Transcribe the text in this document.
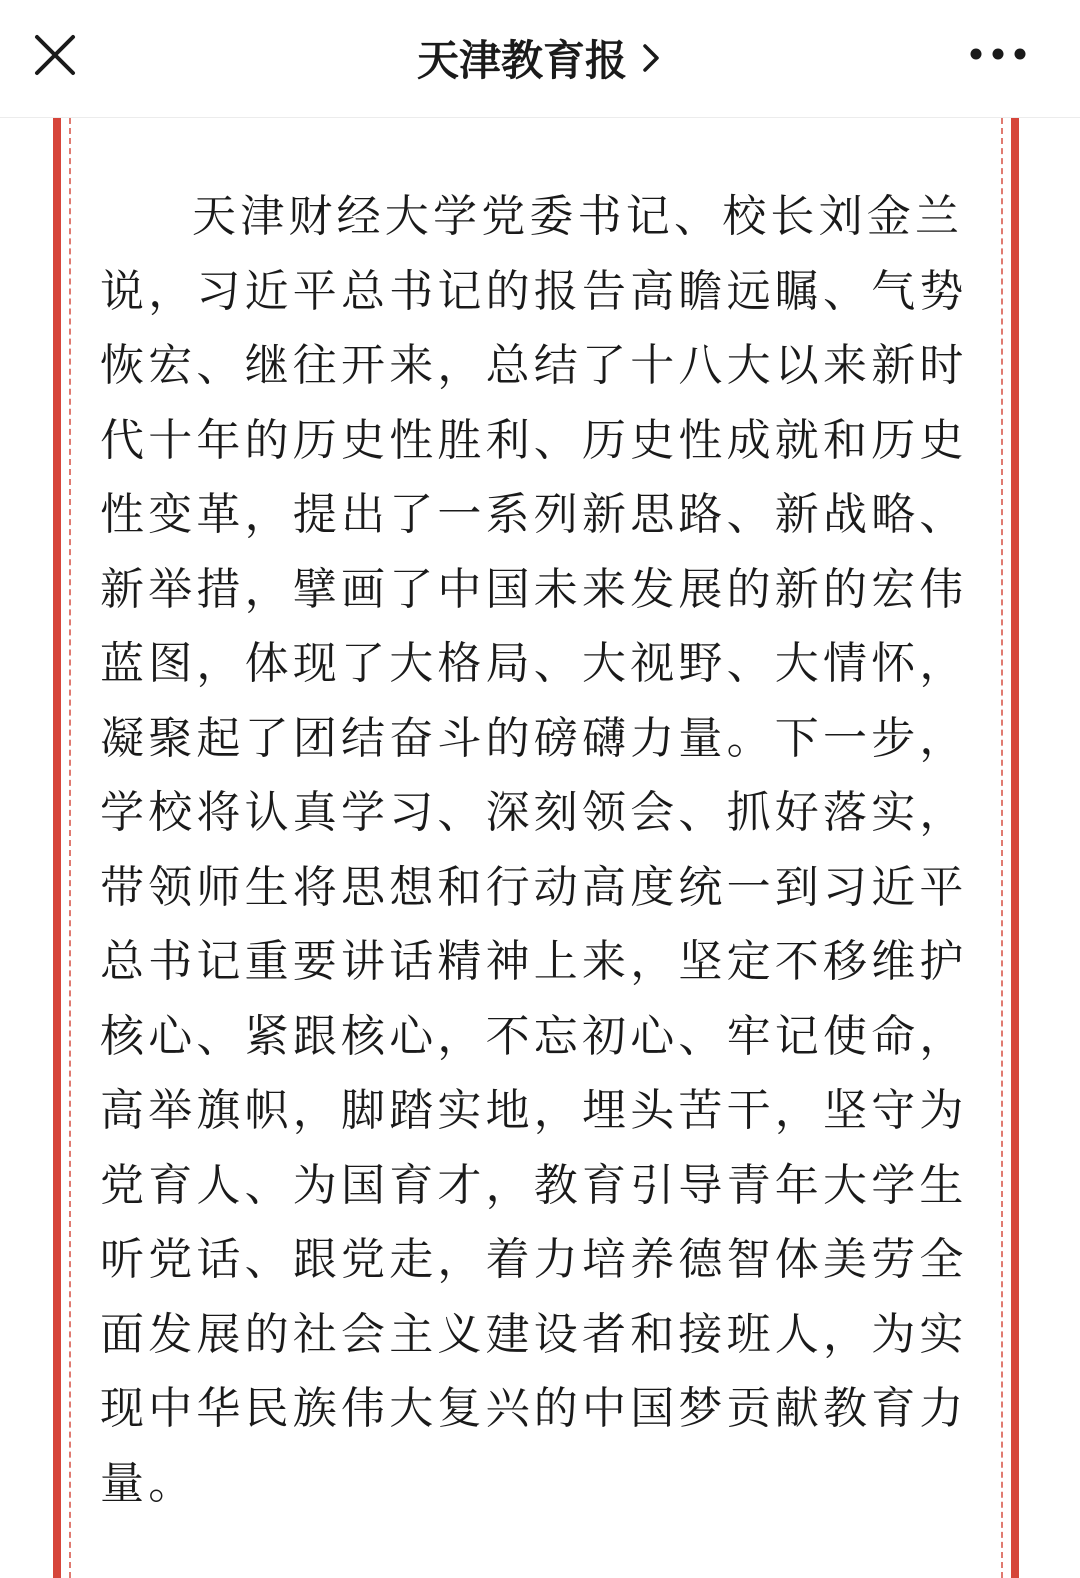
天津教育报

天津财经大学党委书记、校长刘金兰说，习近平总书记的报告高瞻远瞩、气势恢宏、继往开来，总结了十八大以来新时代十年的历史性胜利、历史性成就和历史性变革，提出了一系列新思路、新战略、新举措，擘画了中国未来发展的新的宏伟蓝图，体现了大格局、大视野、大情怀，凝聚起了团结奋斗的磅礴力量。下一步，学校将认真学习、深刻领会、抓好落实，带领师生将思想和行动高度统一到习近平总书记重要讲话精神上来，坚定不移维护核心、紧跟核心，不忘初心、牢记使命，高举旗帜，脚踏实地，埋头苦干，坚守为党育人、为国育才，教育引导青年大学生听党话、跟党走，着力培养德智体美劳全面发展的社会主义建设者和接班人，为实现中华民族伟大复兴的中国梦贡献教育力量。
